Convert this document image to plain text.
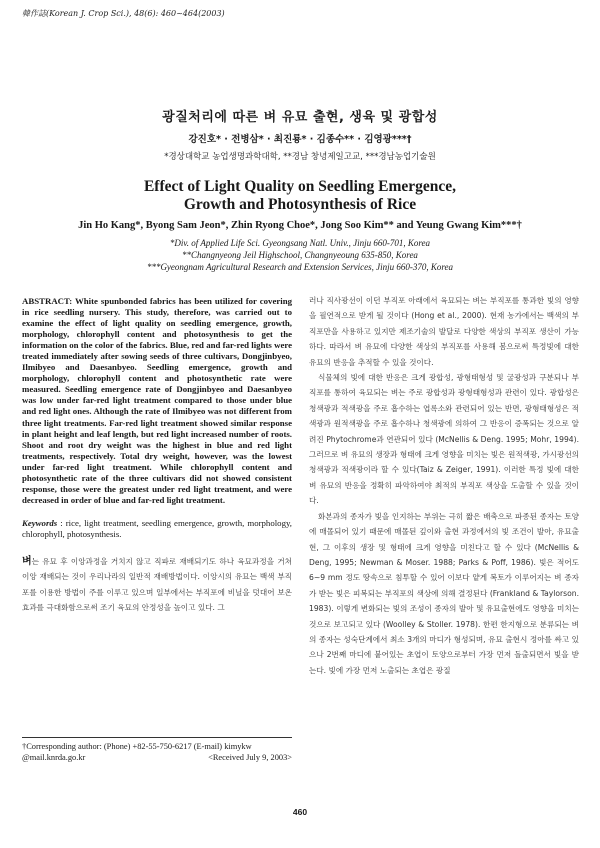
韓作誌(Korean J. Crop Sci.), 48(6): 460~464(2003)
광질처리에 따른 벼 유묘 출현, 생육 및 광합성
강진호* · 전병삼* · 최진룡* · 김종수** · 김영광***†
*경상대학교 농업생명과학대학, **경남 창녕제일고교, ***경남농업기술원
Effect of Light Quality on Seedling Emergence,
Growth and Photosynthesis of Rice
Jin Ho Kang*, Byong Sam Jeon*, Zhin Ryong Choe*, Jong Soo Kim** and Yeung Gwang Kim***†
*Div. of Applied Life Sci. Gyeongsang Natl. Univ., Jinju 660-701, Korea
**Changnyeong Jeil Highschool, Changnyeoung 635-850, Korea
***Gyeongnam Agricultural Research and Extension Services, Jinju 660-370, Korea

ABSTRACT: White spunbonded fabrics has been utilized for covering in rice seedling nursery. This study, therefore, was carried out to examine the effect of light quality on seedling emergence, growth, morphology, chlorophyll content and photosynthesis to get the information on the color of the fabrics. Blue, red and far-red lights were treated immediately after sowing seeds of three cultivars, Dongjinbyeo, Ilmibyeo and Daesanbyeo. Seedling emergence, growth and morphology, chlorophyll content and photosynthetic rate were measured. Seedling emergence rate of Dongjinbyeo and Daesanbyeo was low under far-red light treatment compared to those under blue and red light ones. Although the rate of Ilmibyeo was not different from three light treatments. Far-red light treatment showed similar response in plant height and leaf length, but red light increased number of roots. Shoot and root dry weight was the highest in blue and red light treatments, respectively. Total dry weight, however, was the lowest under far-red light treatment. While chlorophyll content and photosynthetic rate of the three cultivars did not showed consistent response, those were the greatest under red light treatment, and were decreased in order of blue and far-red light treatment.

Keywords : rice, light treatment, seedling emergence, growth, morphology, chlorophyll, photosynthesis.

벼는 유묘 후 이앙과정을 거치지 않고 직파로 재배되기도 하나 육묘과정을 거쳐 이앙 재배되는 것이 우리나라의 일반적 재배방법이다. 이앙시의 유묘는 백색 부직포를 이용한 방법이 주를 이루고 있으며 일부에서는 부직포에 비닐을 덧대어 보온효과를 극대화함으로써 조기 육묘의 안정성을 높이고 있다. 그

러나 직사광선이 이던 부직포 아래에서 육묘되는 벼는 부직포를 통과한 빛의 영향을 필연적으로 받게 될 것이다 (Hong et al., 2000). 현재 농가에서는 백색의 부직포만을 사용하고 있지만 제조기술의 발달로 다양한 색상의 부직포 생산이 가능하다. 따라서 벼 유묘에 다양한 색상의 부직포를 사용해 봄으로써 특정빛에 대한 유묘의 반응을 추적할 수 있을 것이다.

식물체의 빛에 대한 반응은 크게 광합성, 광형태형성 및 굴광성과 구분되나 부직포를 통하여 육묘되는 벼는 주로 광합성과 광형태형성과 관련이 있다. 광합성은 청색광과 적색광을 주로 흡수하는 엽록소와 관련되어 있는 반면, 광형태형성은 적색광과 원적색광을 주로 흡수하나 청색광에 의하여 그 반응이 증폭되는 것으로 알려진 Phytochrome과 연관되어 있다 (McNellis & Deng. 1995; Mohr, 1994). 그러므로 벼 유묘의 생장과 형태에 크게 영향을 미치는 빛은 원적색광, 가시광선의 청색광과 적색광이라 할 수 있다(Taiz & Zeiger, 1991). 이러한 특정 빛에 대한 벼 유묘의 반응을 정확히 파악하여야 최적의 부직포 색상을 도출할 수 있을 것이다.

화본과의 종자가 빛을 인지하는 부위는 극히 짧은 배축으로 파종된 종자는 토양에 매몰되어 있기 때문에 매몰된 깊이와 출현 과정에서의 빛 조건이 발아, 유묘출현, 그 이후의 생장 및 형태에 크게 영향을 미친다고 할 수 있다 (McNellis & Deng, 1995; Newman & Moser. 1988; Parks & Poff, 1986). 빛은 적어도 6~9 mm 정도 땅속으로 침투할 수 있어 이보다 얕게 복토가 이루어지는 벼 종자가 받는 빛은 피복되는 부직포의 색상에 의해 결정된다 (Frankland & Taylorson. 1983). 이렇게 변화되는 빛의 조성이 종자의 발아 및 유묘출현에도 영향을 미치는 것으로 보고되고 있다 (Woolley & Stoller. 1978). 한편 한지형으로 분류되는 벼의 종자는 성숙단계에서 최소 3개의 마디가 형성되며, 유묘 출현시 정아를 싸고 있으나 2번째 마디에 붙어있는 초엽이 토양으로부터 가장 먼저 돌출되면서 빛을 받는다. 빛에 가장 먼저 노출되는 초엽은 광질

†Corresponding author: (Phone) +82-55-750-6217 (E-mail) kimykw
@mail.knrda.go.kr	<Received July 9, 2003>
460
